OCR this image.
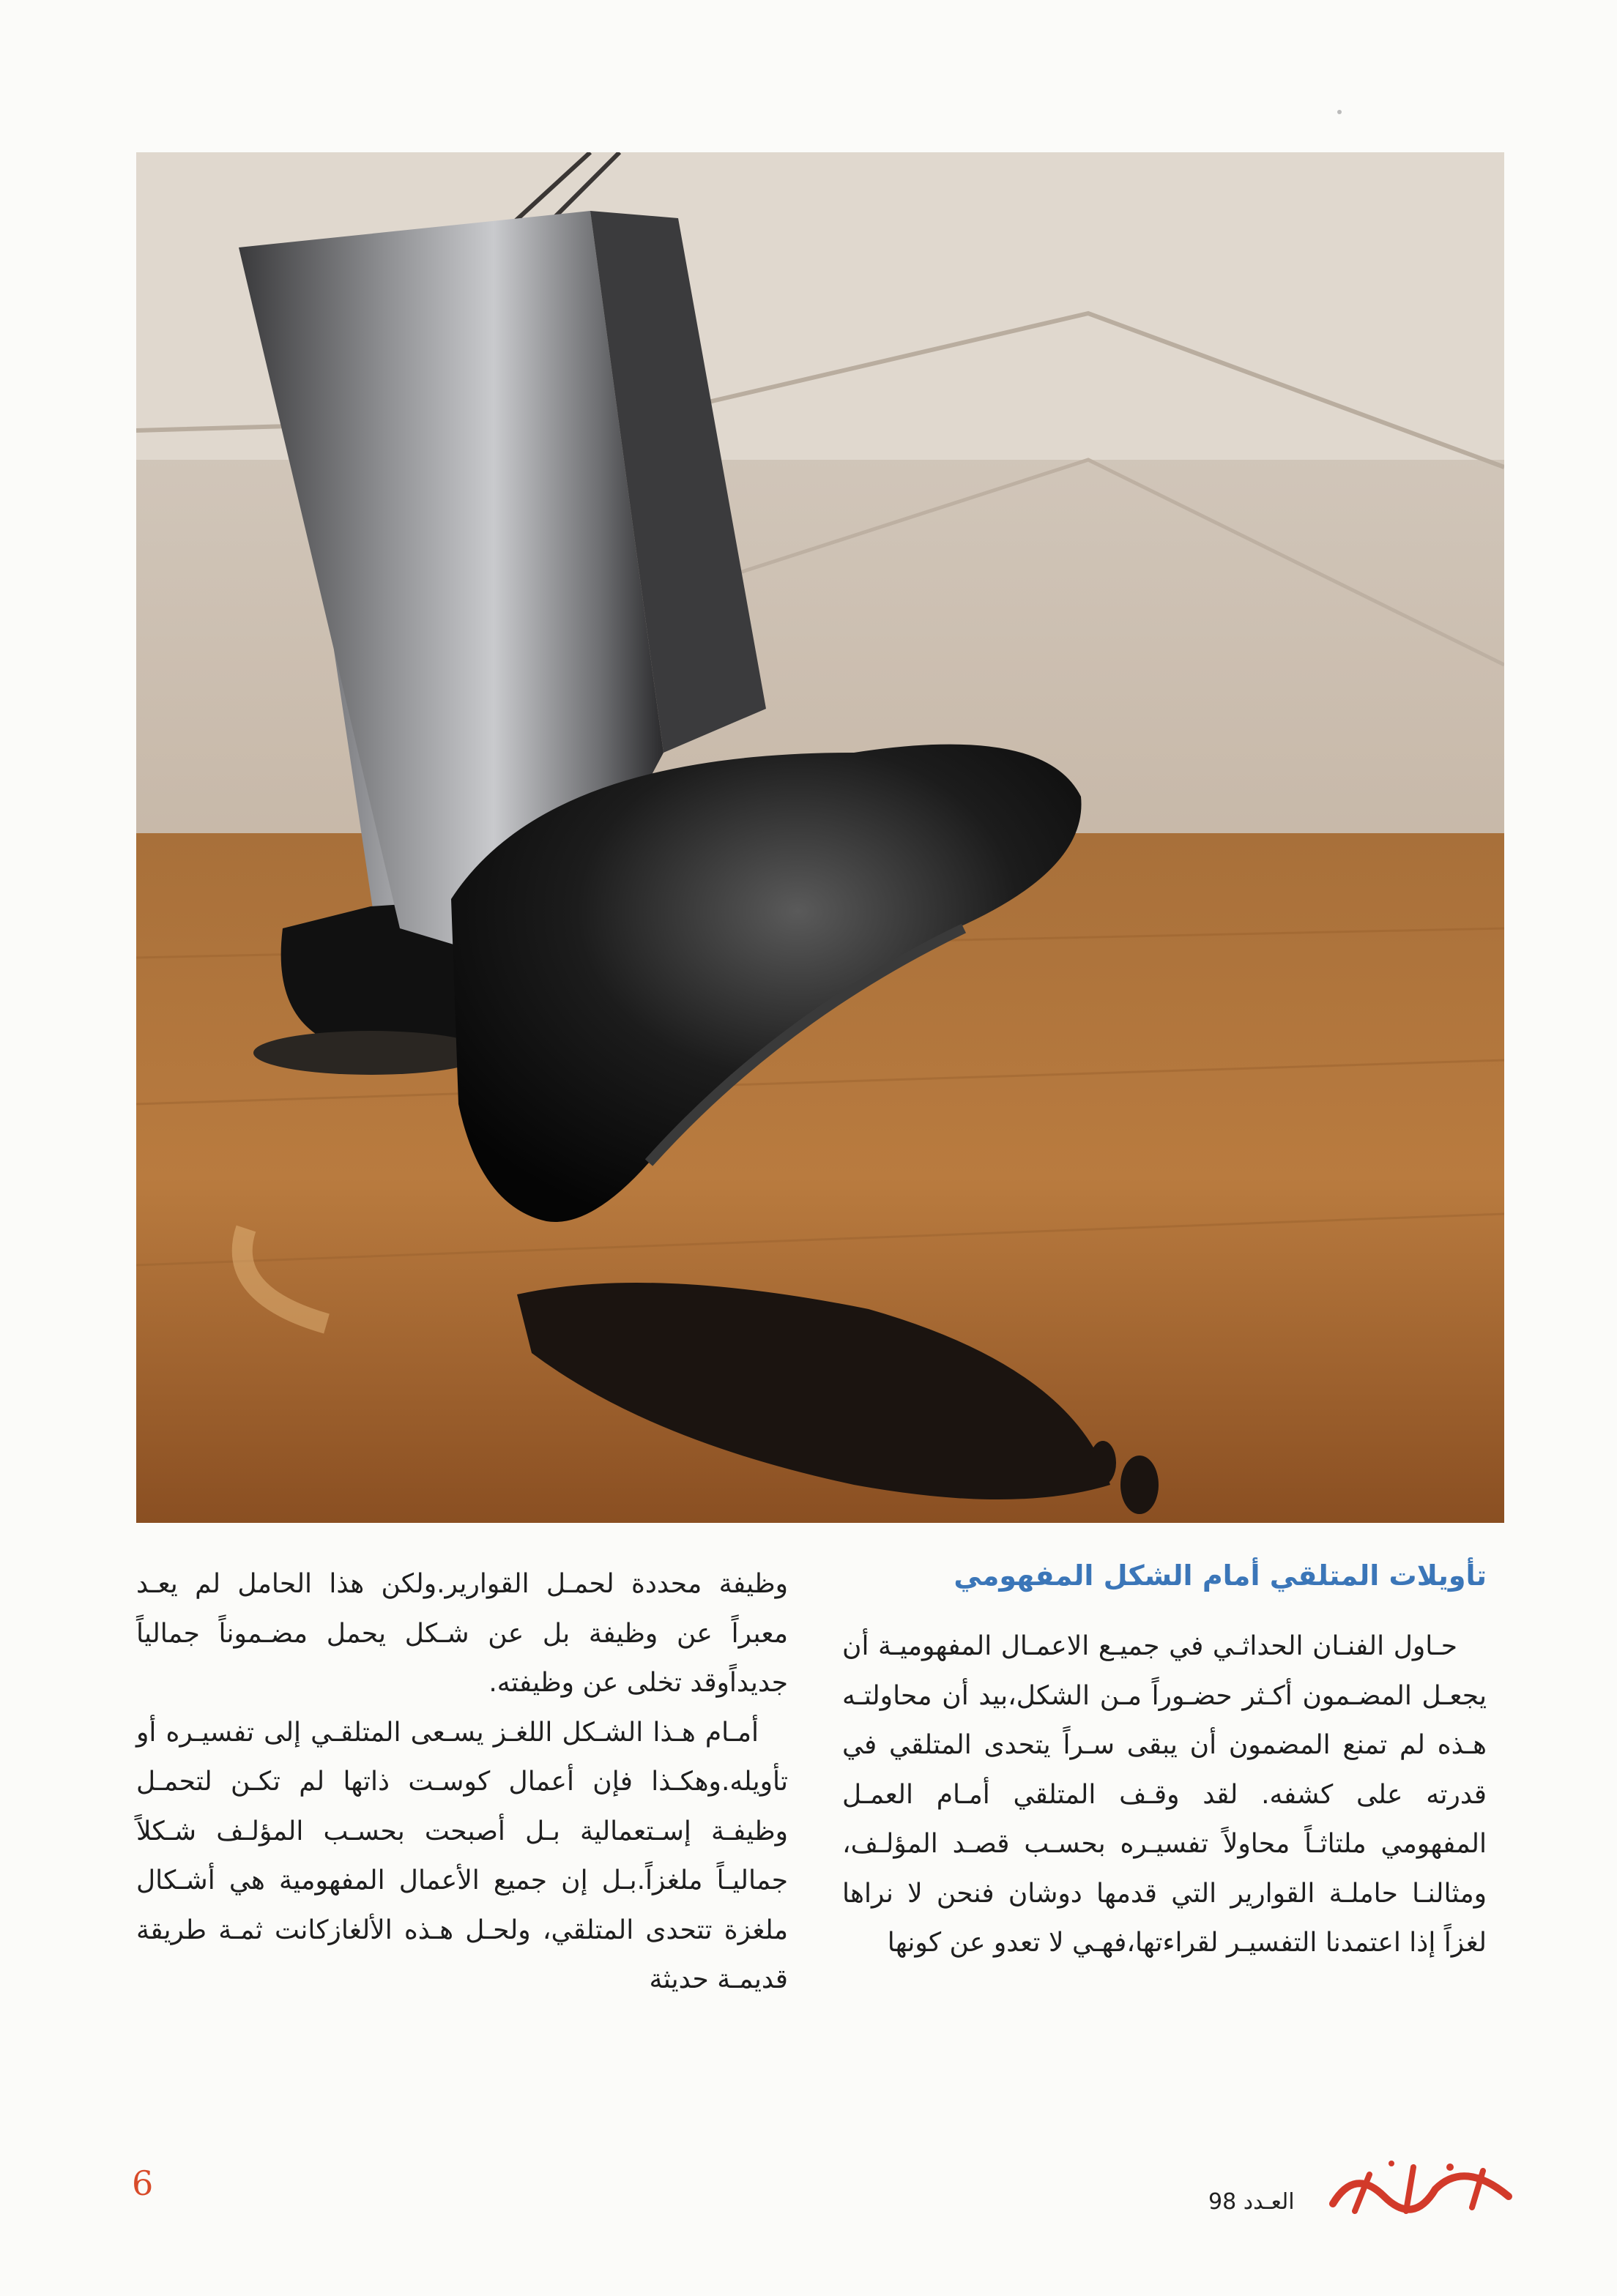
تأويلات المتلقي أمام الشكل المفهومي

حـاول الفنـان الحداثـي في جميـع الاعمـال المفهوميـة أن يجعـل المضـمون أكـثر حضـوراً مـن الشكل،بيد أن محاولتـه هـذه لم تمنع المضمون أن يبقى سـراً يتحدى المتلقي في قدرته على كشفه. لقد وقـف المتلقي أمـام العمـل المفهومي ملتاثـاً محاولاً تفسيـره بحسـب قصـد المؤلـف، ومثالنـا حاملـة القوارير التي قدمها دوشان فنحن لا نراها لغزاً إذا اعتمدنا التفسيـر لقراءتها،فهـي لا تعدو عن كونها

وظيفة محددة لحمـل القوارير.ولكن هذا الحامل لم يعـد معبراً عن وظيفة بل عن شـكل يحمل مضـموناً جمالياً جديداًوقد تخلى عن وظيفته.

أمـام هـذا الشـكل اللغـز يسـعى المتلقـي إلى تفسيـره أو تأويله.وهكـذا فإن أعمال كوسـت ذاتها لم تكـن لتحمـل وظيفـة إسـتعمالية بـل أصبحت بحسـب المؤلـف شـكلاً جماليـاً ملغزاً.بـل إن جميع الأعمال المفهومية هي أشـكال ملغزة تتحدى المتلقي، ولحـل هـذه الألغازكانت ثمـة طريقة قديمـة حديثة

6	العـدد 98
